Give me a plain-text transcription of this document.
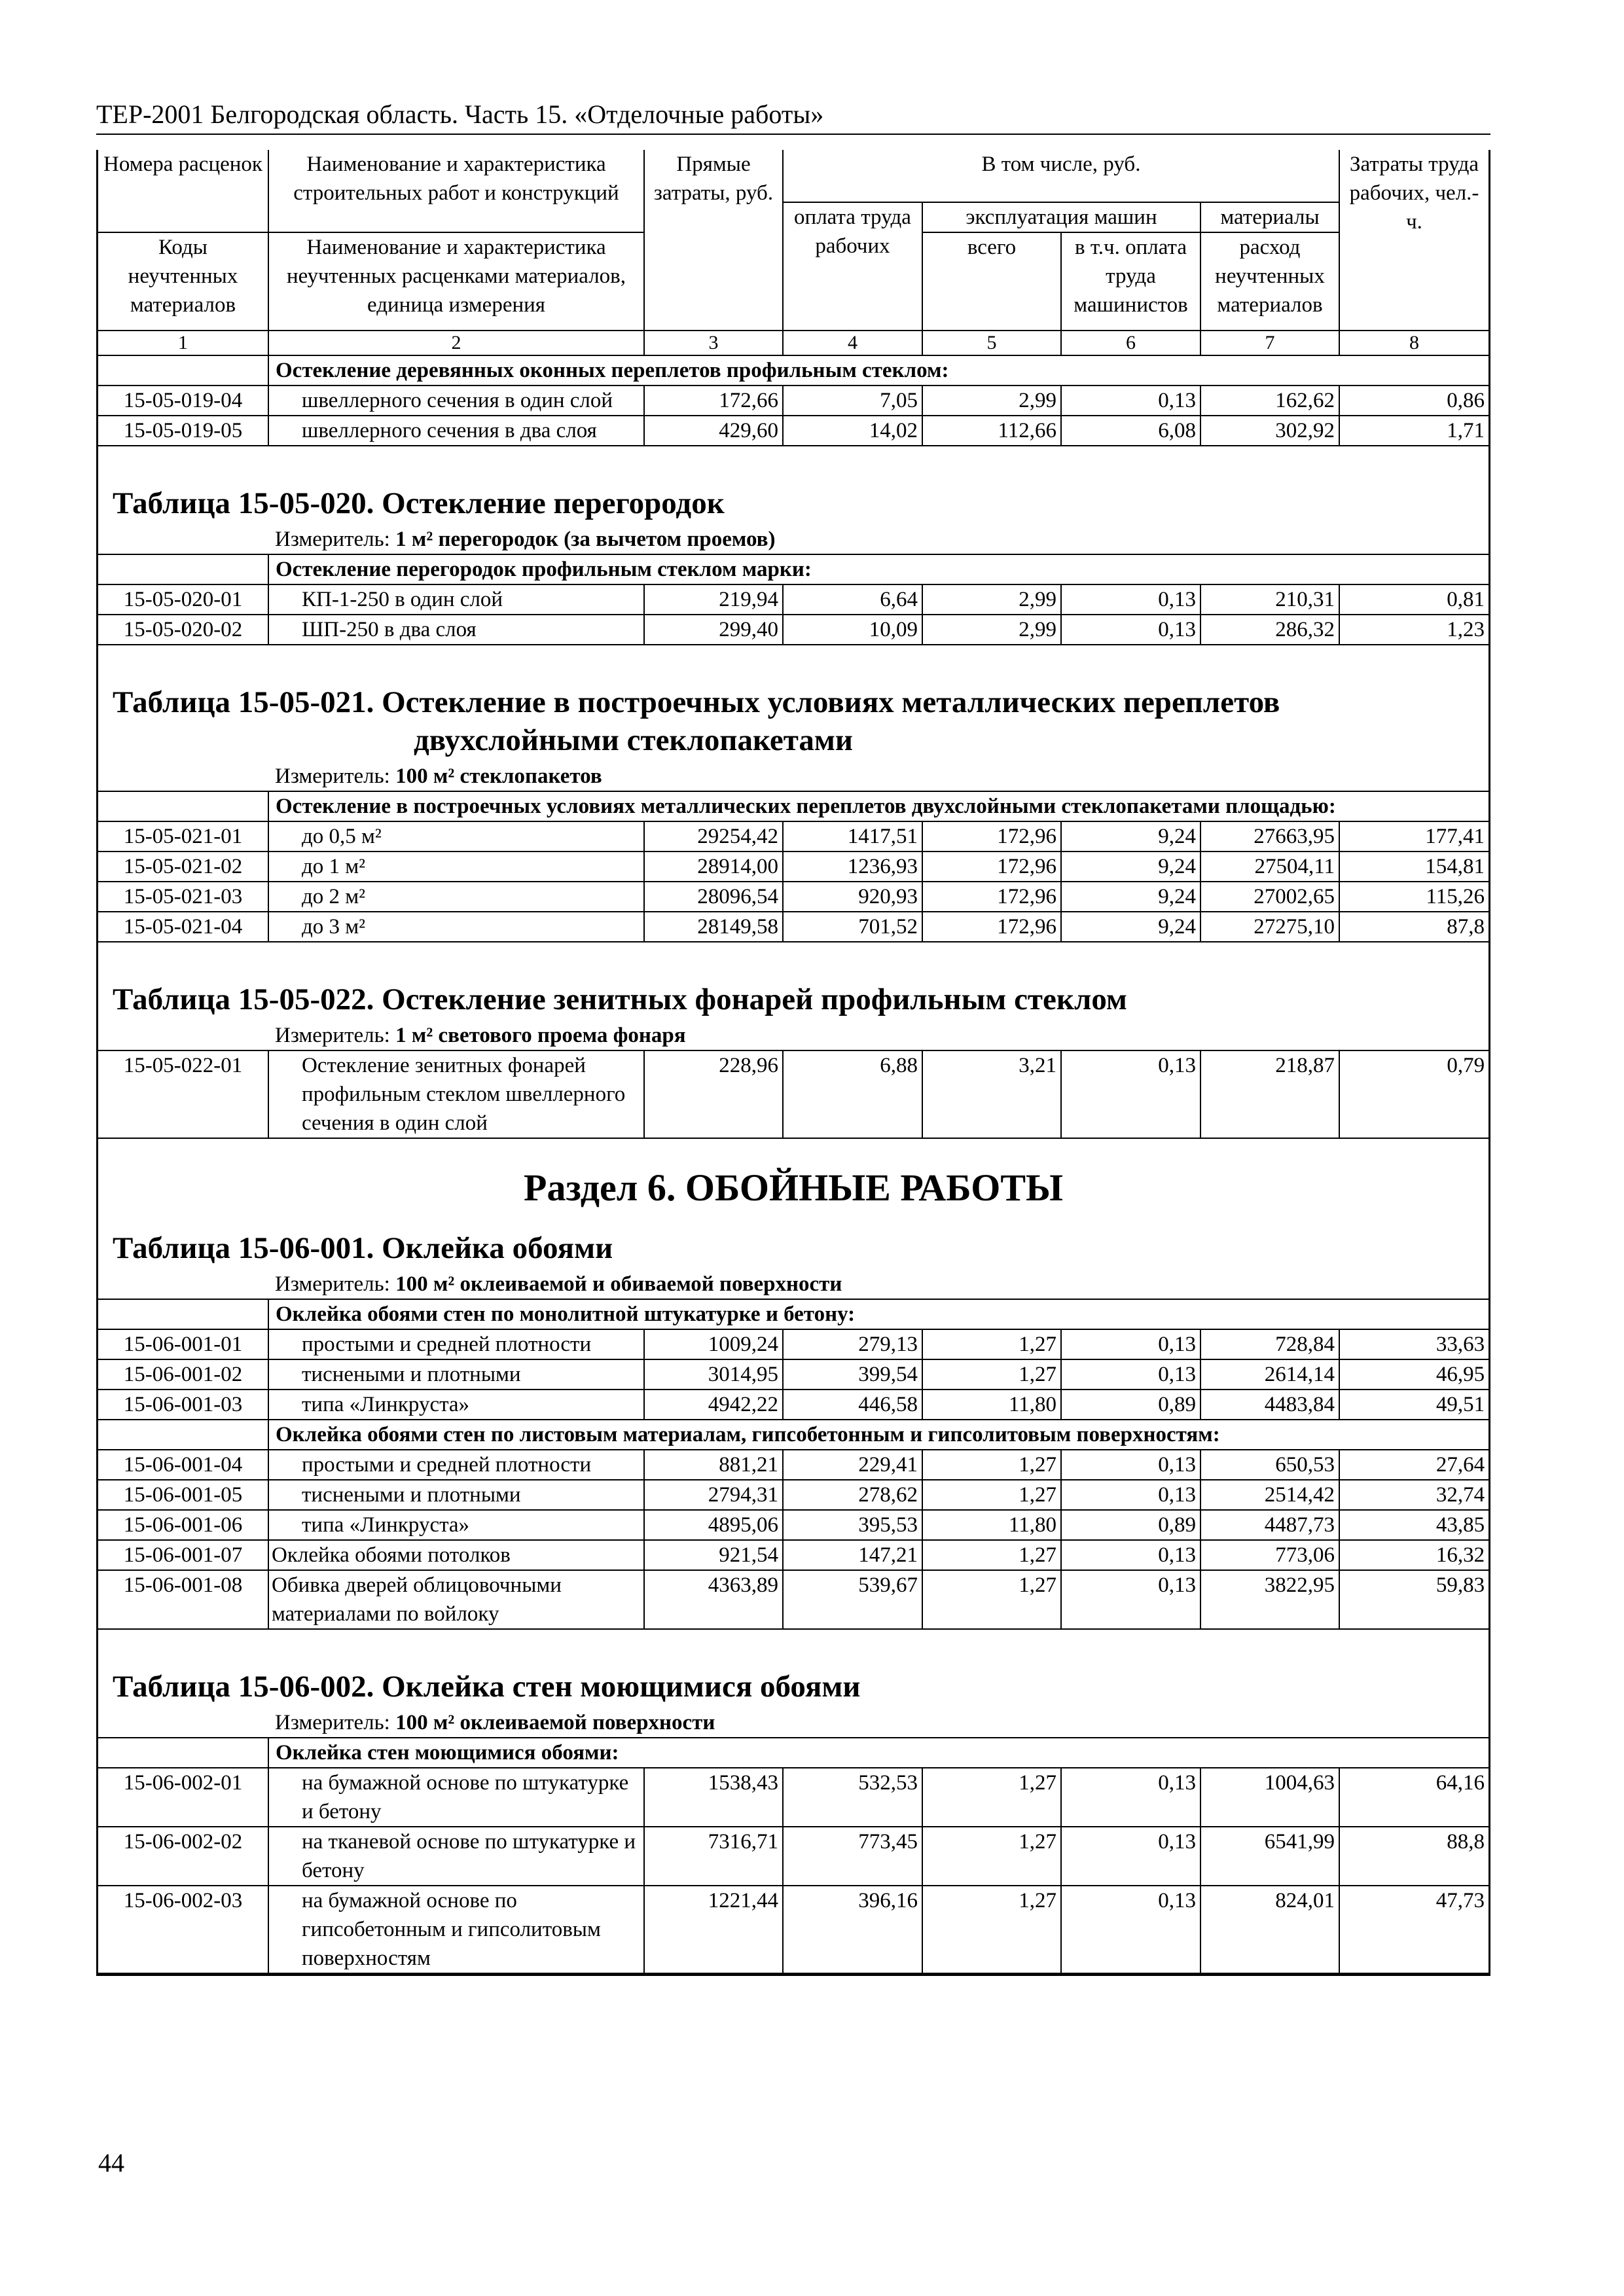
ТЕР-2001 Белгородская область. Часть 15. «Отделочные работы»
Номера расценок	Наименование и характеристика строительных работ и конструкций	Прямые затраты, руб.	В том числе, руб.				Затраты труда рабочих, чел.-ч.
			оплата труда рабочих	эксплуатация машин		материалы	
Коды неучтенных материалов	Наименование и характеристика неучтенных расценками материалов, единица измерения			всего	в т.ч. оплата труда машинистов	расход неучтенных материалов	
1	2	3	4	5	6	7	8
	Остекление деревянных оконных переплетов профильным стеклом:						
15-05-019-04	швеллерного сечения в один слой	172,66	7,05	2,99	0,13	162,62	0,86
15-05-019-05	швеллерного сечения в два слоя	429,60	14,02	112,66	6,08	302,92	1,71
Таблица 15-05-020. Остекление перегородок
	Измеритель: 1 м² перегородок (за вычетом проемов)						
	Остекление перегородок профильным стеклом марки:						
15-05-020-01	КП-1-250 в один слой	219,94	6,64	2,99	0,13	210,31	0,81
15-05-020-02	ШП-250 в два слоя	299,40	10,09	2,99	0,13	286,32	1,23
Таблица 15-05-021. Остекление в построечных условиях металлических переплетов
двухслойными стеклопакетами
	Измеритель: 100 м² стеклопакетов						
	Остекление в построечных условиях металлических переплетов двухслойными стеклопакетами площадью:						
15-05-021-01	до 0,5 м²	29254,42	1417,51	172,96	9,24	27663,95	177,41
15-05-021-02	до 1 м²	28914,00	1236,93	172,96	9,24	27504,11	154,81
15-05-021-03	до 2 м²	28096,54	920,93	172,96	9,24	27002,65	115,26
15-05-021-04	до 3 м²	28149,58	701,52	172,96	9,24	27275,10	87,8
Таблица 15-05-022. Остекление зенитных фонарей профильным стеклом
	Измеритель: 1 м² светового проема фонаря						
15-05-022-01	Остекление зенитных фонарей профильным стеклом швеллерного сечения в один слой	228,96	6,88	3,21	0,13	218,87	0,79
Раздел 6. ОБОЙНЫЕ РАБОТЫ
Таблица 15-06-001. Оклейка обоями
	Измеритель: 100 м² оклеиваемой и обиваемой поверхности						
	Оклейка обоями стен по монолитной штукатурке и бетону:						
15-06-001-01	простыми и средней плотности	1009,24	279,13	1,27	0,13	728,84	33,63
15-06-001-02	тиснеными и плотными	3014,95	399,54	1,27	0,13	2614,14	46,95
15-06-001-03	типа «Линкруста»	4942,22	446,58	11,80	0,89	4483,84	49,51
	Оклейка обоями стен по листовым материалам, гипсобетонным и гипсолитовым поверхностям:						
15-06-001-04	простыми и средней плотности	881,21	229,41	1,27	0,13	650,53	27,64
15-06-001-05	тиснеными и плотными	2794,31	278,62	1,27	0,13	2514,42	32,74
15-06-001-06	типа «Линкруста»	4895,06	395,53	11,80	0,89	4487,73	43,85
15-06-001-07	Оклейка обоями потолков	921,54	147,21	1,27	0,13	773,06	16,32
15-06-001-08	Обивка дверей облицовочными материалами по войлоку	4363,89	539,67	1,27	0,13	3822,95	59,83
Таблица 15-06-002. Оклейка стен моющимися обоями
	Измеритель: 100 м² оклеиваемой поверхности						
	Оклейка стен моющимися обоями:						
15-06-002-01	на бумажной основе по штукатурке и бетону	1538,43	532,53	1,27	0,13	1004,63	64,16
15-06-002-02	на тканевой основе по штукатурке и бетону	7316,71	773,45	1,27	0,13	6541,99	88,8
15-06-002-03	на бумажной основе по гипсобетонным и гипсолитовым поверхностям	1221,44	396,16	1,27	0,13	824,01	47,73
44
